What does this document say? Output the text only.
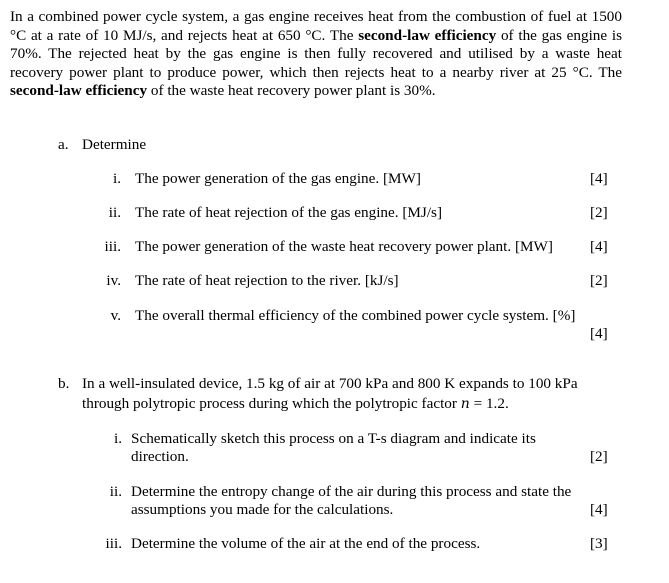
In a combined power cycle system, a gas engine receives heat from the combustion of fuel at 1500 °C at a rate of 10 MJ/s, and rejects heat at 650 °C. The second-law efficiency of the gas engine is 70%. The rejected heat by the gas engine is then fully recovered and utilised by a waste heat recovery power plant to produce power, which then rejects heat to a nearby river at 25 °C. The second-law efficiency of the waste heat recovery power plant is 30%.

a. Determine
i. The power generation of the gas engine. [MW]	[4]
ii. The rate of heat rejection of the gas engine. [MJ/s]	[2]
iii. The power generation of the waste heat recovery power plant. [MW] [4]
iv. The rate of heat rejection to the river. [kJ/s]	[2]
v. The overall thermal efficiency of the combined power cycle system. [%]
[4]
b. In a well-insulated device, 1.5 kg of air at 700 kPa and 800 K expands to 100 kPa
through polytropic process during which the polytropic factor n = 1.2.
i. Schematically sketch this process on a T-s diagram and indicate its
direction.	[2]
ii. Determine the entropy change of the air during this process and state the
assumptions you made for the calculations.	[4]
iii. Determine the volume of the air at the end of the process.	[3]
